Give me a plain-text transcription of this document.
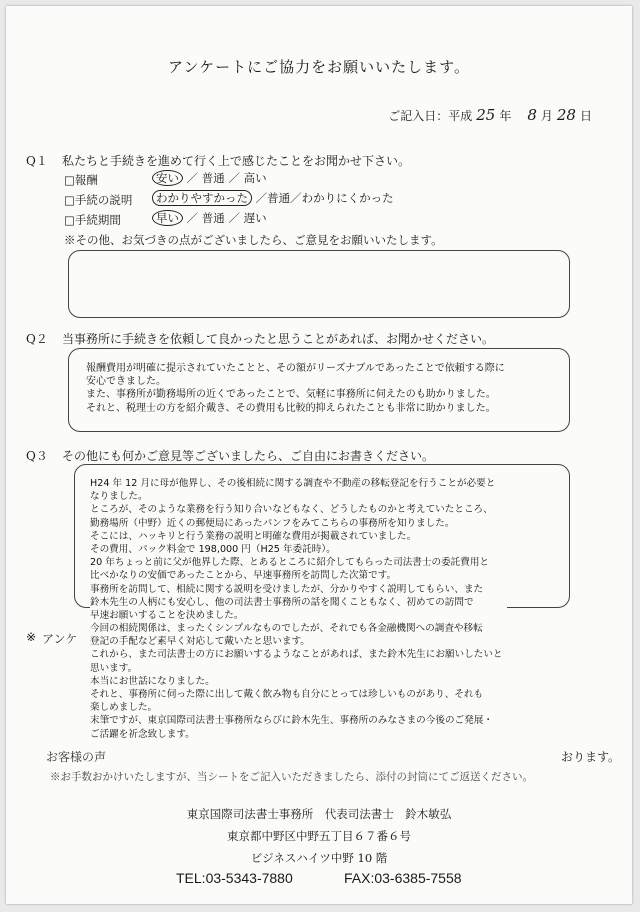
アンケートにご協力をお願いいたします。
ご記入日：平成 25 年 8 月 28 日
Q１ 私たちと手続きを進めて行く上で感じたことをお聞かせ下さい。
□報酬	安い ／ 普通 ／ 高い
□手続の説明	わかりやすかった ／普通／わかりにくかった
□手続期間	早い ／ 普通 ／ 遅い
※その他、お気づきの点がございましたら、ご意見をお願いいたします。
Q２ 当事務所に手続きを依頼して良かったと思うことがあれば、お聞かせください。
報酬費用が明確に提示されていたことと、その額がリーズナブルであったことで依頼する際に
安心できました。
また、事務所が勤務場所の近くであったことで、気軽に事務所に伺えたのも助かりました。
それと、税理士の方を紹介戴き、その費用も比較的抑えられたことも非常に助かりました。
Q３ その他にも何かご意見等ございましたら、ご自由にお書きください。
※ アンケ
お客様の声	おります。
H24 年 12 月に母が他界し、その後相続に関する調査や不動産の移転登記を行うことが必要と
なりました。
ところが、そのような業務を行う知り合いなどもなく、どうしたものかと考えていたところ、
勤務場所（中野）近くの郵便局にあったパンフをみてこちらの事務所を知りました。
そこには、ハッキリと行う業務の説明と明確な費用が掲載されていました。
その費用、パック料金で 198,000 円（H25 年委託時）。
20 年ちょっと前に父が他界した際、とあるところに紹介してもらった司法書士の委託費用と
比べかなりの安価であったことから、早速事務所を訪問した次第です。
事務所を訪問して、相続に関する説明を受けましたが、分かりやすく説明してもらい、また
鈴木先生の人柄にも安心し、他の司法書士事務所の話を聞くこともなく、初めての訪問で
早速お願いすることを決めました。
今回の相続関係は、まったくシンプルなものでしたが、それでも各金融機関への調査や移転
登記の手配など素早く対応して戴いたと思います。
これから、また司法書士の方にお願いするようなことがあれば、また鈴木先生にお願いしたいと
思います。
本当にお世話になりました。
それと、事務所に伺った際に出して戴く飲み物も自分にとっては珍しいものがあり、それも
楽しめました。
末筆ですが、東京国際司法書士事務所ならびに鈴木先生、事務所のみなさまの今後のご発展・
ご活躍を祈念致します。
※お手数おかけいたしますが、当シートをご記入いただきましたら、添付の封筒にてご返送ください。
東京国際司法書士事務所　代表司法書士　鈴木敏弘
東京都中野区中野五丁目６７番６号
ビジネスハイツ中野 10 階
TEL:03-5343-7880	FAX:03-6385-7558
